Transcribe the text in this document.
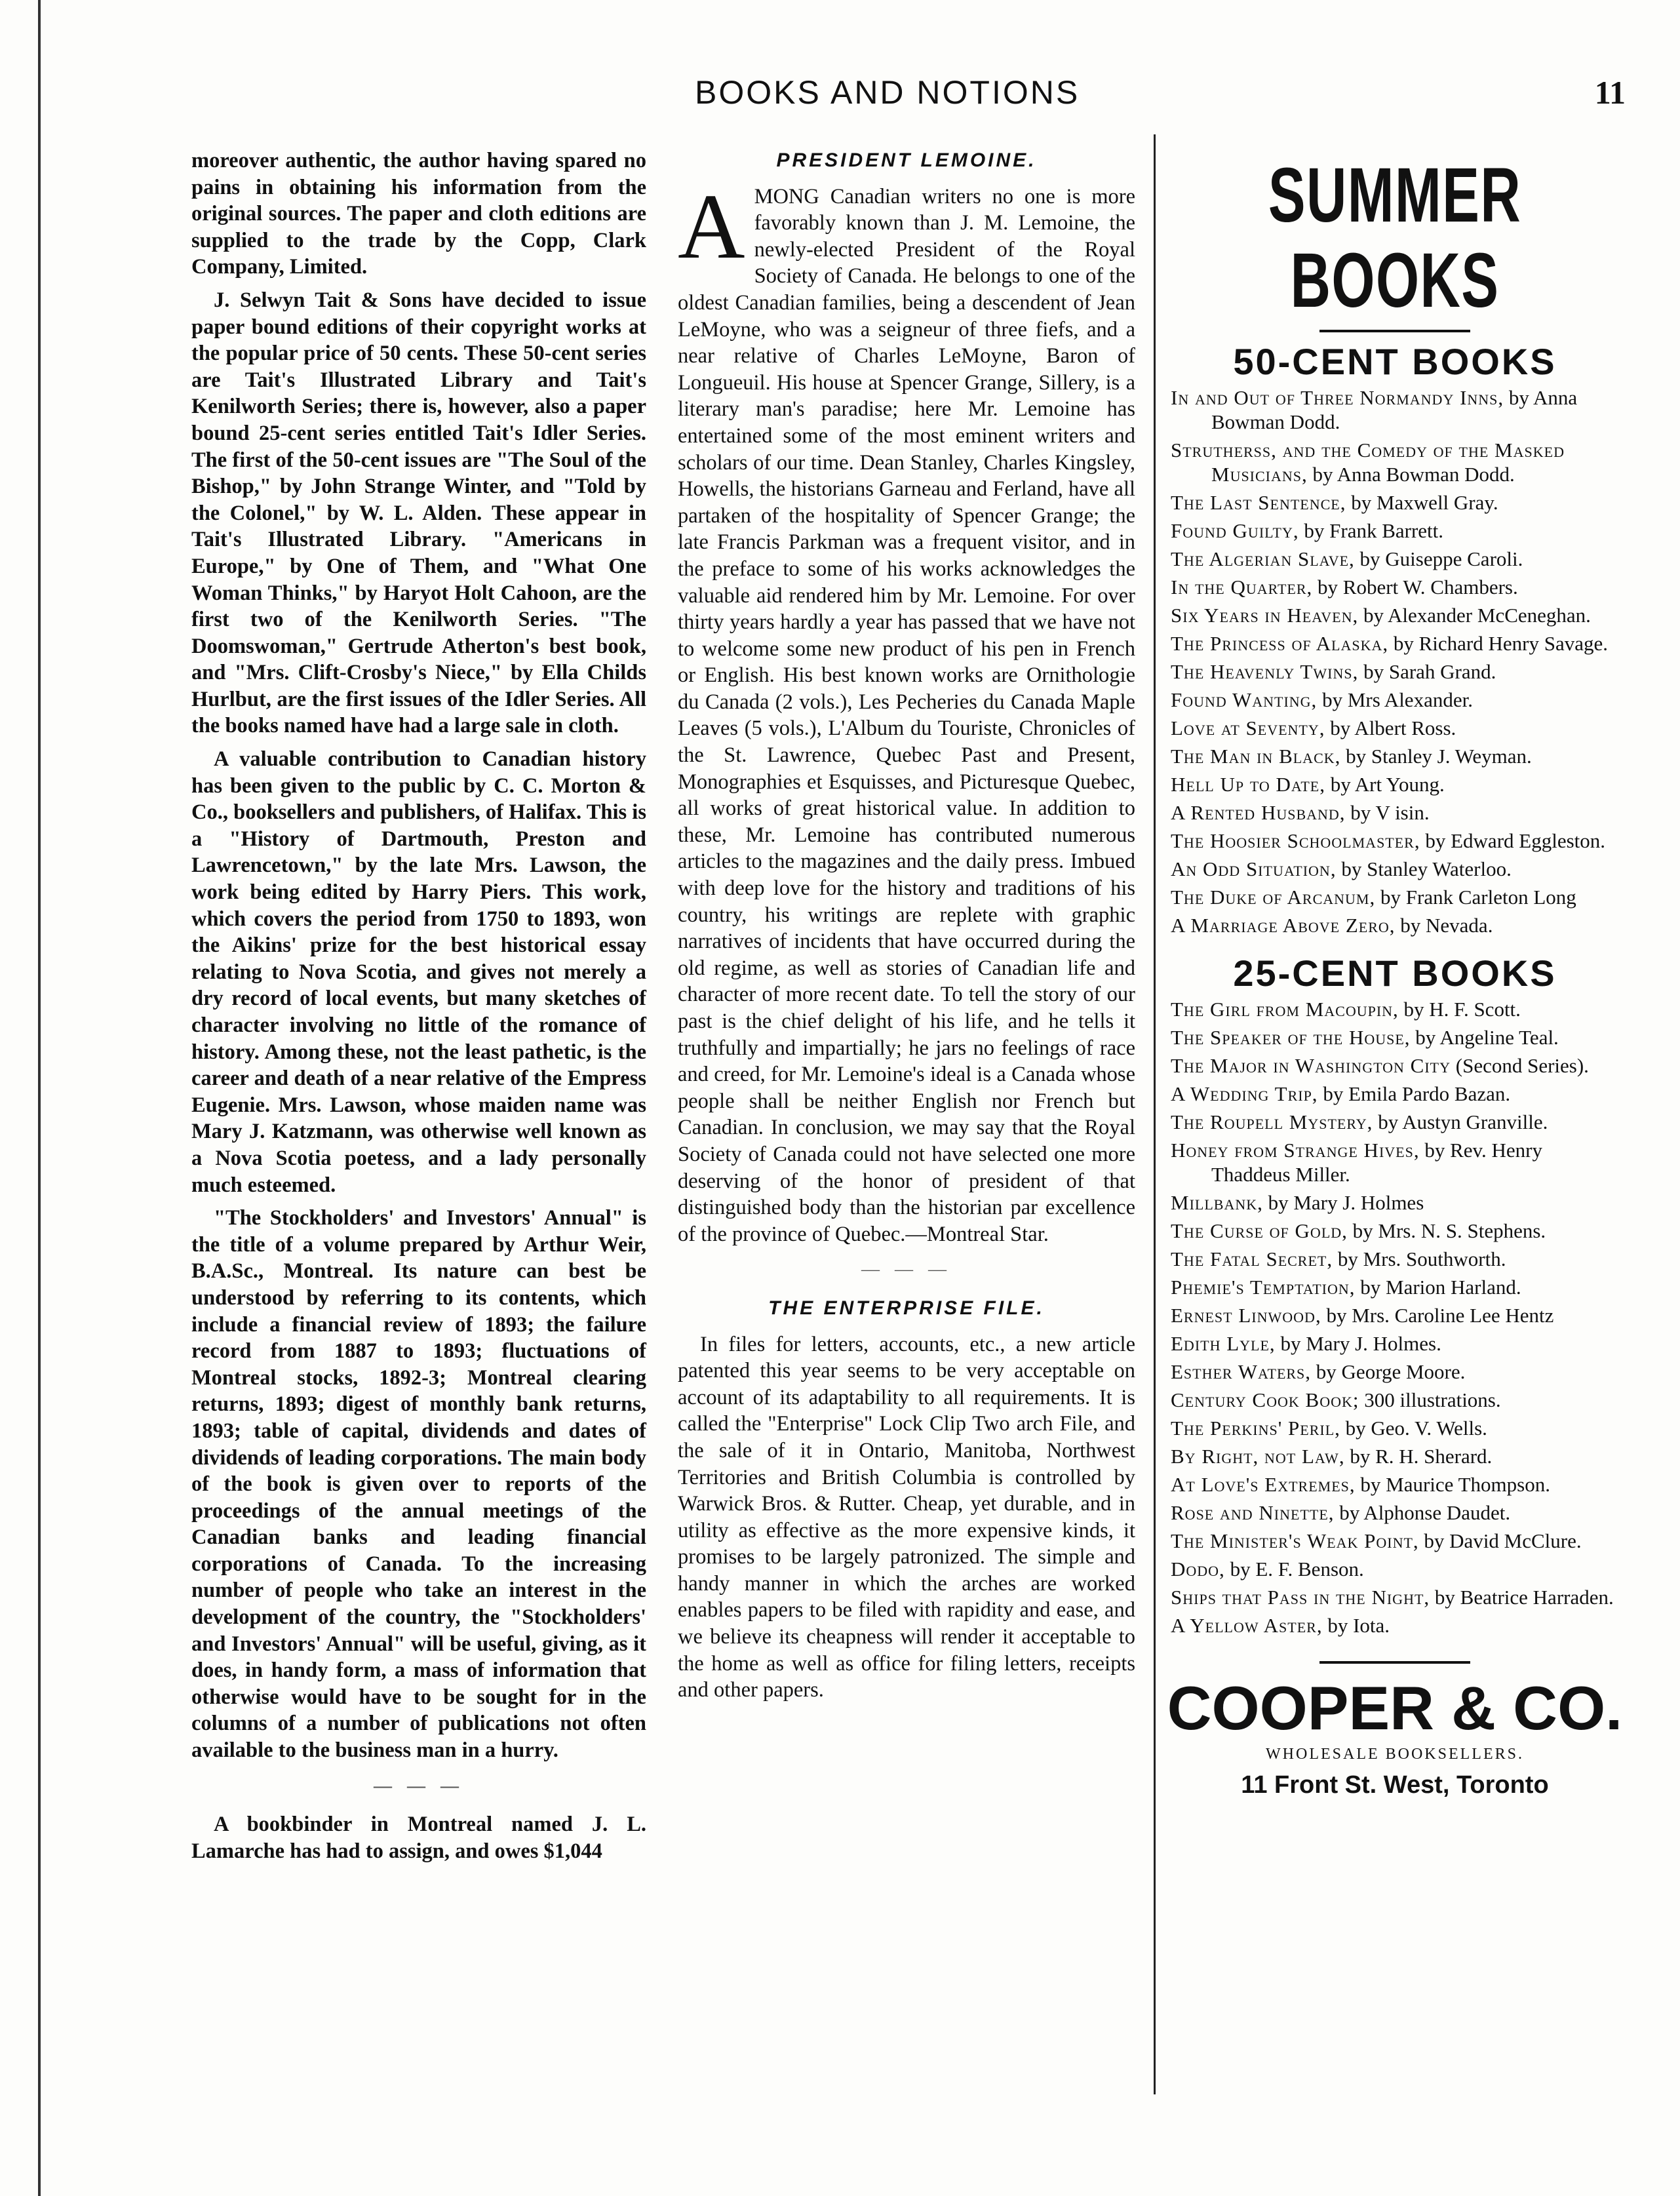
BOOKS AND NOTIONS	11

moreover authentic, the author having spared no pains in obtaining his information from the original sources. The paper and cloth editions are supplied to the trade by the Copp, Clark Company, Limited.

J. Selwyn Tait & Sons have decided to issue paper bound editions of their copyright works at the popular price of 50 cents. These 50-cent series are Tait's Illustrated Library and Tait's Kenilworth Series; there is, however, also a paper bound 25-cent series entitled Tait's Idler Series. The first of the 50-cent issues are "The Soul of the Bishop," by John Strange Winter, and "Told by the Colonel," by W. L. Alden. These appear in Tait's Illustrated Library. "Americans in Europe," by One of Them, and "What One Woman Thinks," by Haryot Holt Cahoon, are the first two of the Kenilworth Series. "The Doomswoman," Gertrude Atherton's best book, and "Mrs. Clift-Crosby's Niece," by Ella Childs Hurlbut, are the first issues of the Idler Series. All the books named have had a large sale in cloth.

A valuable contribution to Canadian history has been given to the public by C. C. Morton & Co., booksellers and publishers, of Halifax. This is a "History of Dartmouth, Preston and Lawrencetown," by the late Mrs. Lawson, the work being edited by Harry Piers. This work, which covers the period from 1750 to 1893, won the Aikins' prize for the best historical essay relating to Nova Scotia, and gives not merely a dry record of local events, but many sketches of character involving no little of the romance of history. Among these, not the least pathetic, is the career and death of a near relative of the Empress Eugenie. Mrs. Lawson, whose maiden name was Mary J. Katzmann, was otherwise well known as a Nova Scotia poetess, and a lady personally much esteemed.

"The Stockholders' and Investors' Annual" is the title of a volume prepared by Arthur Weir, B.A.Sc., Montreal. Its nature can best be understood by referring to its contents, which include a financial review of 1893; the failure record from 1887 to 1893; fluctuations of Montreal stocks, 1892-3; Montreal clearing returns, 1893; digest of monthly bank returns, 1893; table of capital, dividends and dates of dividends of leading corporations. The main body of the book is given over to reports of the proceedings of the annual meetings of the Canadian banks and leading financial corporations of Canada. To the increasing number of people who take an interest in the development of the country, the "Stockholders' and Investors' Annual" will be useful, giving, as it does, in handy form, a mass of information that otherwise would have to be sought for in the columns of a number of publications not often available to the business man in a hurry.

— — —

A bookbinder in Montreal named J. L. Lamarche has had to assign, and owes $1,044

PRESIDENT LEMOINE.

AMONG Canadian writers no one is more favorably known than J. M. Lemoine, the newly-elected President of the Royal Society of Canada. He belongs to one of the oldest Canadian families, being a descendent of Jean LeMoyne, who was a seigneur of three fiefs, and a near relative of Charles LeMoyne, Baron of Longueuil. His house at Spencer Grange, Sillery, is a literary man's paradise; here Mr. Lemoine has entertained some of the most eminent writers and scholars of our time. Dean Stanley, Charles Kingsley, Howells, the historians Garneau and Ferland, have all partaken of the hospitality of Spencer Grange; the late Francis Parkman was a frequent visitor, and in the preface to some of his works acknowledges the valuable aid rendered him by Mr. Lemoine. For over thirty years hardly a year has passed that we have not to welcome some new product of his pen in French or English. His best known works are Ornithologie du Canada (2 vols.), Les Pecheries du Canada Maple Leaves (5 vols.), L'Album du Touriste, Chronicles of the St. Lawrence, Quebec Past and Present, Monographies et Esquisses, and Picturesque Quebec, all works of great historical value. In addition to these, Mr. Lemoine has contributed numerous articles to the magazines and the daily press. Imbued with deep love for the history and traditions of his country, his writings are replete with graphic narratives of incidents that have occurred during the old regime, as well as stories of Canadian life and character of more recent date. To tell the story of our past is the chief delight of his life, and he tells it truthfully and impartially; he jars no feelings of race and creed, for Mr. Lemoine's ideal is a Canada whose people shall be neither English nor French but Canadian. In conclusion, we may say that the Royal Society of Canada could not have selected one more deserving of the honor of president of that distinguished body than the historian par excellence of the province of Quebec.—Montreal Star.

— — —
THE ENTERPRISE FILE.

In files for letters, accounts, etc., a new article patented this year seems to be very acceptable on account of its adaptability to all requirements. It is called the "Enterprise" Lock Clip Two arch File, and the sale of it in Ontario, Manitoba, Northwest Territories and British Columbia is controlled by Warwick Bros. & Rutter. Cheap, yet durable, and in utility as effective as the more expensive kinds, it promises to be largely patronized. The simple and handy manner in which the arches are worked enables papers to be filed with rapidity and ease, and we believe its cheapness will render it acceptable to the home as well as office for filing letters, receipts and other papers.

SUMMER BOOKS
50-CENT BOOKS
In and Out of Three Normandy Inns, by Anna Bowman Dodd.
Strutherss, and the Comedy of the Masked Musicians, by Anna Bowman Dodd.
The Last Sentence, by Maxwell Gray.
Found Guilty, by Frank Barrett.
The Algerian Slave, by Guiseppe Caroli.
In the Quarter, by Robert W. Chambers.
Six Years in Heaven, by Alexander McCeneghan.
The Princess of Alaska, by Richard Henry Savage.
The Heavenly Twins, by Sarah Grand.
Found Wanting, by Mrs Alexander.
Love at Seventy, by Albert Ross.
The Man in Black, by Stanley J. Weyman.
Hell Up to Date, by Art Young.
A Rented Husband, by V isin.
The Hoosier Schoolmaster, by Edward Eggleston.
An Odd Situation, by Stanley Waterloo.
The Duke of Arcanum, by Frank Carleton Long
A Marriage Above Zero, by Nevada.
25-CENT BOOKS
The Girl from Macoupin, by H. F. Scott.
The Speaker of the House, by Angeline Teal.
The Major in Washington City (Second Series).
A Wedding Trip, by Emila Pardo Bazan.
The Roupell Mystery, by Austyn Granville.
Honey from Strange Hives, by Rev. Henry Thaddeus Miller.
Millbank, by Mary J. Holmes
The Curse of Gold, by Mrs. N. S. Stephens.
The Fatal Secret, by Mrs. Southworth.
Phemie's Temptation, by Marion Harland.
Ernest Linwood, by Mrs. Caroline Lee Hentz
Edith Lyle, by Mary J. Holmes.
Esther Waters, by George Moore.
Century Cook Book; 300 illustrations.
The Perkins' Peril, by Geo. V. Wells.
By Right, not Law, by R. H. Sherard.
At Love's Extremes, by Maurice Thompson.
Rose and Ninette, by Alphonse Daudet.
The Minister's Weak Point, by David McClure.
Dodo, by E. F. Benson.
Ships that Pass in the Night, by Beatrice Harraden.
A Yellow Aster, by Iota.
COOPER & CO.
WHOLESALE BOOKSELLERS.
11 Front St. West, Toronto
